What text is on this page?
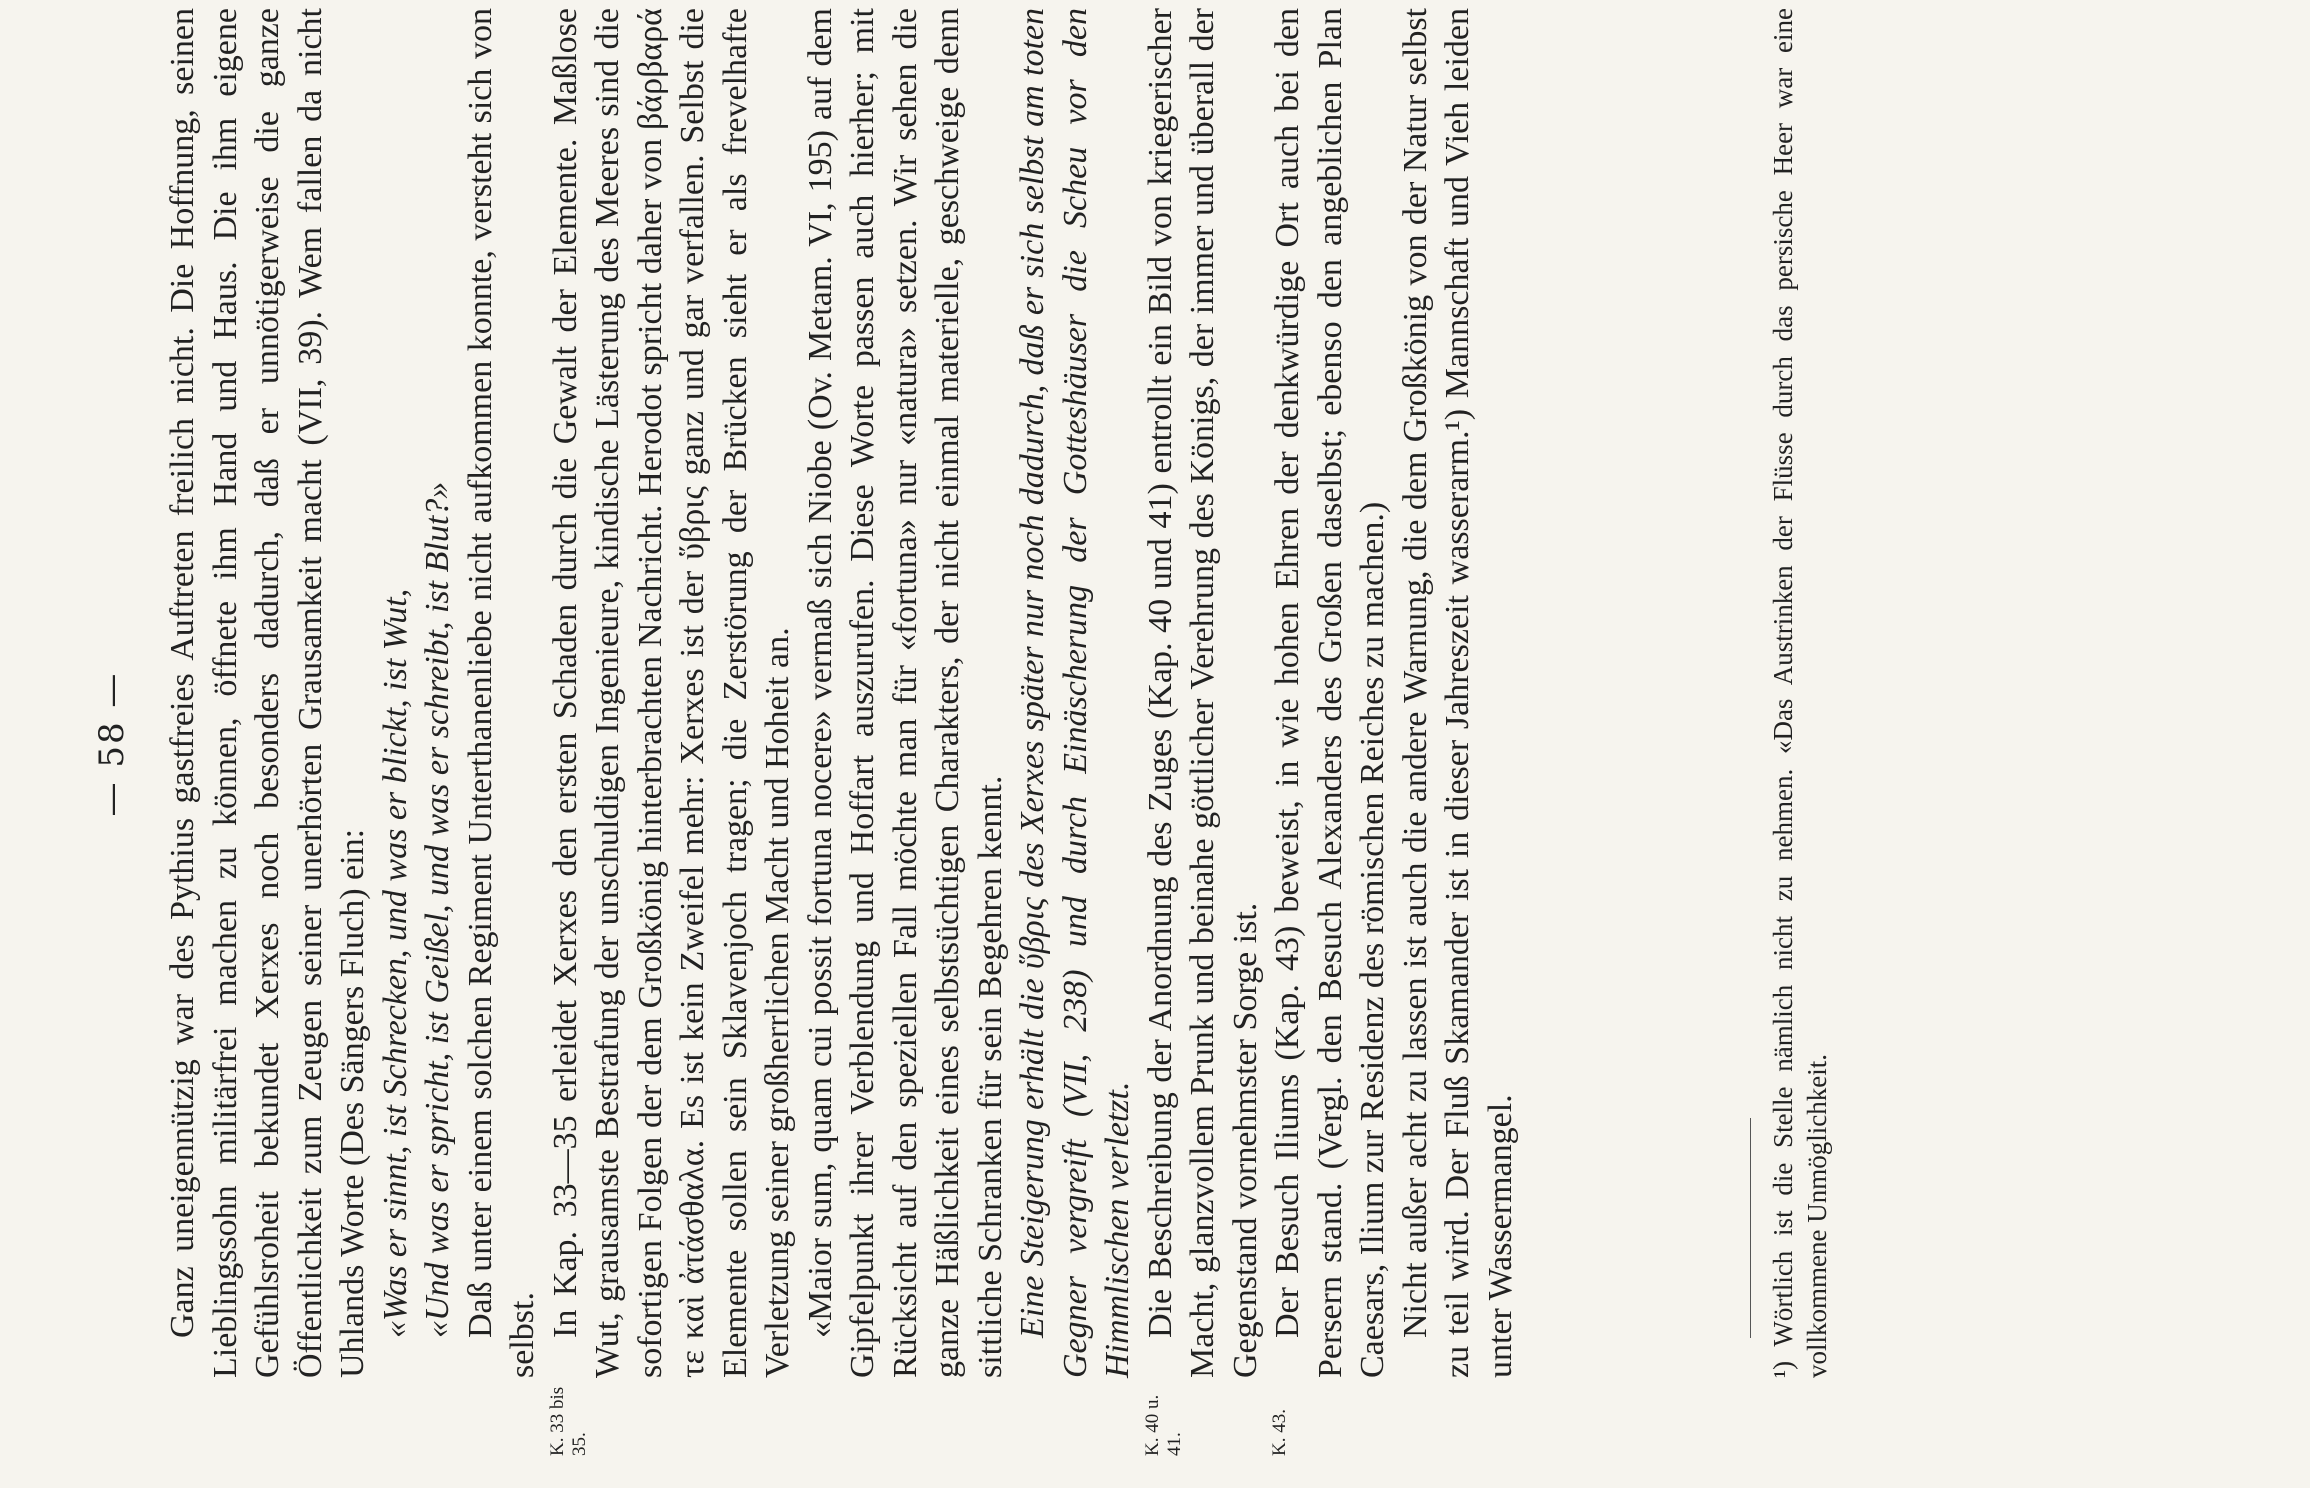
— 58 — Ganz uneigennützig war des Pythius gastfreies Auftreten freilich nicht. Die Hoffnung, seinen Lieblingssohn militärfrei machen zu können, öffnete ihm Hand und Haus. Die ihm eigene Gefühlsroheit bekundet Xerxes noch besonders dadurch, daß er unnötigerweise die ganze Öffentlichkeit zum Zeugen seiner unerhörten Grausamkeit macht (VII, 39). Wem fallen da nicht Uhlands Worte (Des Sängers Fluch) ein: «Was er sinnt, ist Schrecken, und was er blickt, ist Wut, «Und was er spricht, ist Geißel, und was er schreibt, ist Blut?» Daß unter einem solchen Regiment Unterthanenliebe nicht aufkommen konnte, versteht sich von selbst.

K. 33 bis 35.
In Kap. 33—35 erleidet Xerxes den ersten Schaden durch die Gewalt der Elemente. Maßlose Wut, grausamste Bestrafung der unschuldigen Ingenieure, kindische Lästerung des Meeres sind die sofortigen Folgen der dem Großkönig hinterbrachten Nachricht. Herodot spricht daher von βάρβαρά τε καὶ ἀτάσθαλα. Es ist kein Zweifel mehr: Xerxes ist der ὕβρις ganz und gar verfallen. Selbst die Elemente sollen sein Sklavenjoch tragen; die Zerstörung der Brücken sieht er als frevelhafte Verletzung seiner großherrlichen Macht und Hoheit an. «Maior sum, quam cui possit fortuna nocere» vermaß sich Niobe (Ov. Metam. VI, 195) auf dem Gipfelpunkt ihrer Verblendung und Hoffart auszurufen. Diese Worte passen auch hierher; mit Rücksicht auf den speziellen Fall möchte man für «fortuna» nur «natura» setzen. Wir sehen die ganze Häßlichkeit eines selbstsüchtigen Charakters, der nicht einmal materielle, geschweige denn sittliche Schranken für sein Begehren kennt. Eine Steigerung erhält die ὕβρις des Xerxes später nur noch dadurch, daß er sich selbst am toten Gegner vergreift (VII, 238) und durch Einäscherung der Gotteshäuser die Scheu vor den Himmlischen verletzt.

K. 40 u. 41.
Die Beschreibung der Anordnung des Zuges (Kap. 40 und 41) entrollt ein Bild von kriegerischer Macht, glanzvollem Prunk und beinahe göttlicher Verehrung des Königs, der immer und überall der Gegenstand vornehmster Sorge ist.

K. 43.
Der Besuch Iliums (Kap. 43) beweist, in wie hohen Ehren der denkwürdige Ort auch bei den Persern stand. (Vergl. den Besuch Alexanders des Großen daselbst; ebenso den angeblichen Plan Caesars, Ilium zur Residenz des römischen Reiches zu machen.) Nicht außer acht zu lassen ist auch die andere Warnung, die dem Großkönig von der Natur selbst zu teil wird. Der Fluß Skamander ist in dieser Jahreszeit wasserarm.¹) Mannschaft und Vieh leiden unter Wassermangel.	¹) Wörtlich ist die Stelle nämlich nicht zu nehmen. «Das Austrinken der Flüsse durch das persische Heer war eine vollkommene Unmöglichkeit.
